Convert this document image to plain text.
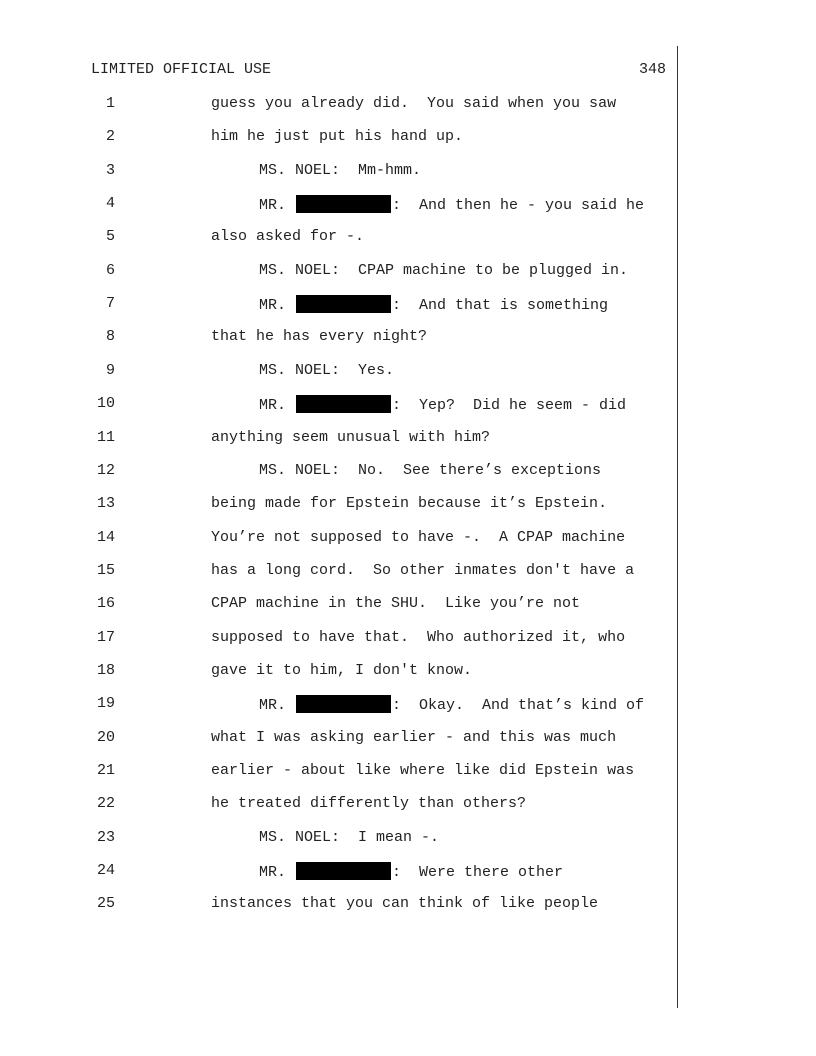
LIMITED OFFICIAL USE	348
1	guess you already did.  You said when you saw
2	him he just put his hand up.
3	MS. NOEL:  Mm-hmm.
4	MR.	:  And then he - you said he
5	also asked for -.
6	MS. NOEL:  CPAP machine to be plugged in.
7	MR.	:  And that is something
8	that he has every night?
9	MS. NOEL:  Yes.
10	MR.	:  Yep?  Did he seem - did
11	anything seem unusual with him?
12	MS. NOEL:  No.  See there’s exceptions
13	being made for Epstein because it’s Epstein.
14	You’re not supposed to have -.  A CPAP machine
15	has a long cord.  So other inmates don't have a
16	CPAP machine in the SHU.  Like you’re not
17	supposed to have that.  Who authorized it, who
18	gave it to him, I don't know.
19	MR.	:  Okay.  And that’s kind of
20	what I was asking earlier - and this was much
21	earlier - about like where like did Epstein was
22	he treated differently than others?
23	MS. NOEL:  I mean -.
24	MR.	:  Were there other
25	instances that you can think of like people
